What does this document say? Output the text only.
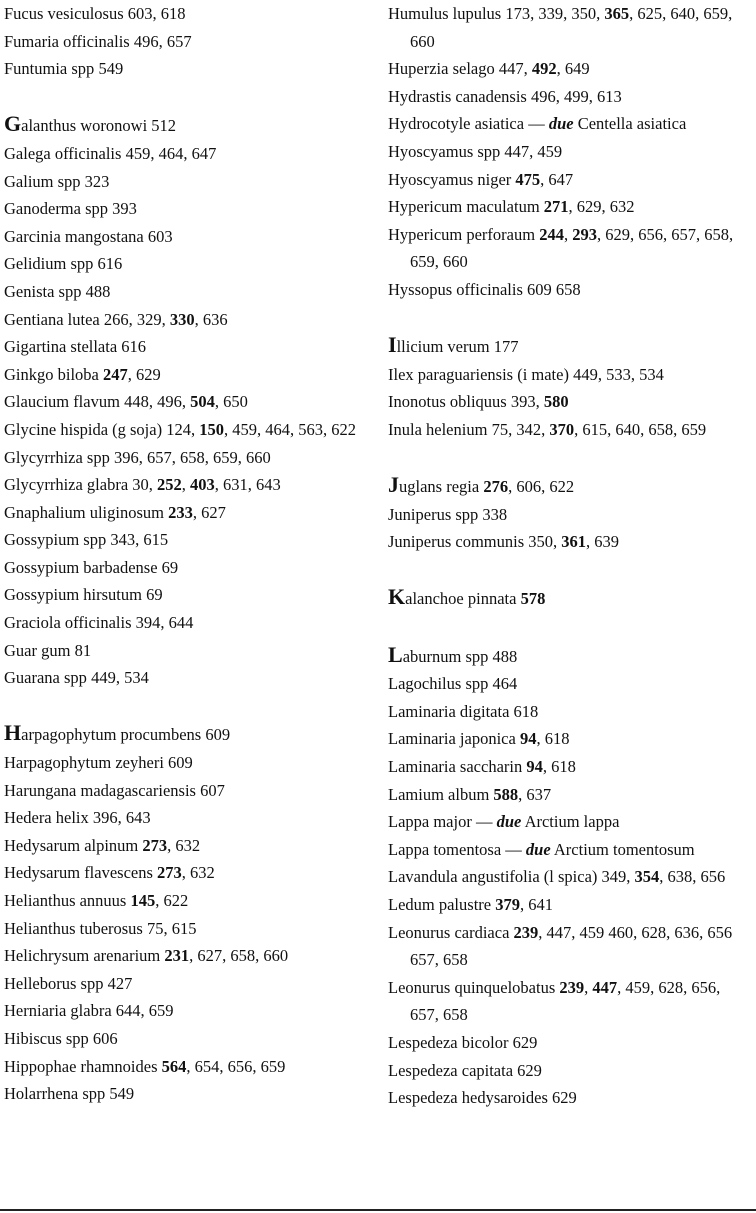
Fucus vesiculosus 603, 618
Fumaria officinalis 496, 657
Funtumia spp 549
Galanthus woronowi 512
Galega officinalis 459, 464, 647
Galium spp 323
Ganoderma spp 393
Garcinia mangostana 603
Gelidium spp 616
Genista spp 488
Gentiana lutea 266, 329, 330, 636
Gigartina stellata 616
Ginkgo biloba 247, 629
Glaucium flavum 448, 496, 504, 650
Glycine hispida (g soja) 124, 150, 459, 464, 563, 622
Glycyrrhiza spp 396, 657, 658, 659, 660
Glycyrrhiza glabra 30, 252, 403, 631, 643
Gnaphalium uliginosum 233, 627
Gossypium spp 343, 615
Gossypium barbadense 69
Gossypium hirsutum 69
Graciola officinalis 394, 644
Guar gum 81
Guarana spp 449, 534
Harpagophytum procumbens 609
Harpagophytum zeyheri 609
Harungana madagascariensis 607
Hedera helix 396, 643
Hedysarum alpinum 273, 632
Hedysarum flavescens 273, 632
Helianthus annuus 145, 622
Helianthus tuberosus 75, 615
Helichrysum arenarium 231, 627, 658, 660
Helleborus spp 427
Herniaria glabra 644, 659
Hibiscus spp 606
Hippophae rhamnoides 564, 654, 656, 659
Holarrhena spp 549
Humulus lupulus 173, 339, 350, 365, 625, 640, 659, 660
Huperzia selago 447, 492, 649
Hydrastis canadensis 496, 499, 613
Hydrocotyle asiatica — due Centella asiatica
Hyoscyamus spp 447, 459
Hyoscyamus niger 475, 647
Hypericum maculatum 271, 629, 632
Hypericum perforaum 244, 293, 629, 656, 657, 658, 659, 660
Hyssopus officinalis 609 658
Illicium verum 177
Ilex paraguariensis (i mate) 449, 533, 534
Inonotus obliquus 393, 580
Inula helenium 75, 342, 370, 615, 640, 658, 659
Juglans regia 276, 606, 622
Juniperus spp 338
Juniperus communis 350, 361, 639
Kalanchoe pinnata 578
Laburnum spp 488
Lagochilus spp 464
Laminaria digitata 618
Laminaria japonica 94, 618
Laminaria saccharin 94, 618
Lamium album 588, 637
Lappa major — due Arctium lappa
Lappa tomentosa — due Arctium tomentosum
Lavandula angustifolia (l spica) 349, 354, 638, 656
Ledum palustre 379, 641
Leonurus cardiaca 239, 447, 459 460, 628, 636, 656 657, 658
Leonurus quinquelobatus 239, 447, 459, 628, 656, 657, 658
Lespedeza bicolor 629
Lespedeza capitata 629
Lespedeza hedysaroides 629
